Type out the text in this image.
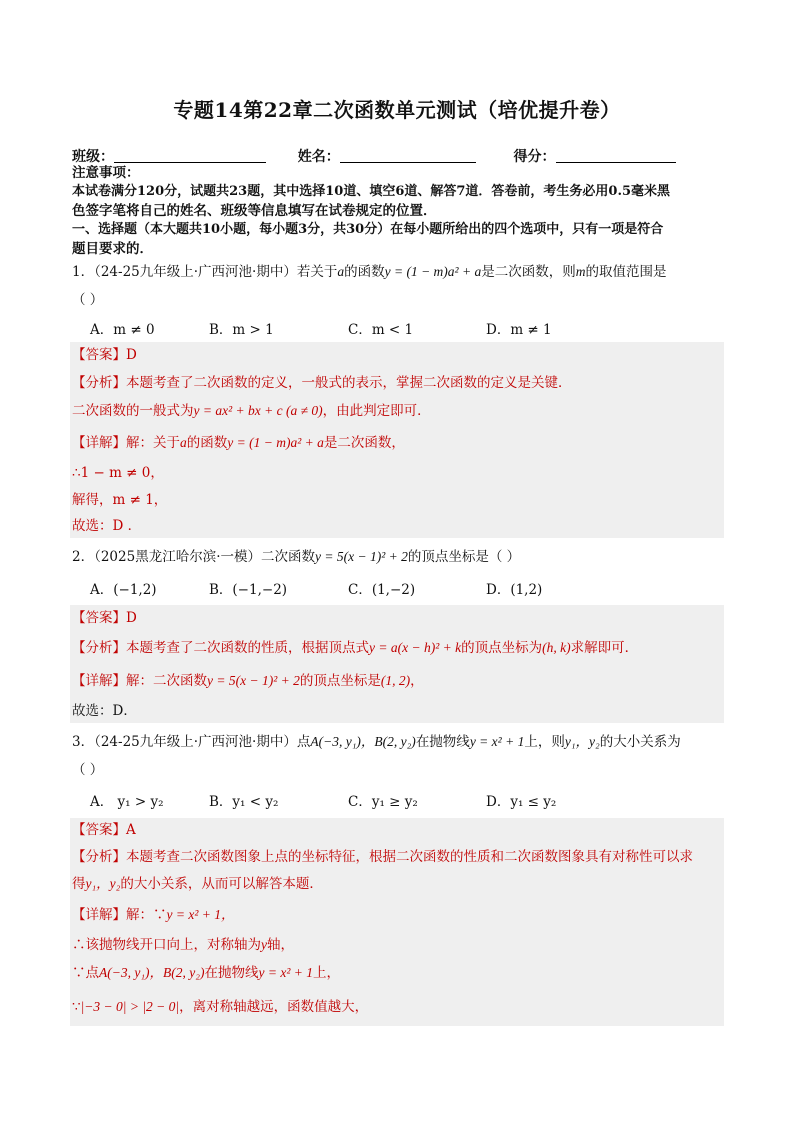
专题14第22章二次函数单元测试（培优提升卷）
班级：	姓名：	得分：
注意事项：
本试卷满分120分，试题共23题，其中选择10道、填空6道、解答7道．答卷前，考生务必用0.5毫米黑
色签字笔将自己的姓名、班级等信息填写在试卷规定的位置．
一、选择题（本大题共10小题，每小题3分，共30分）在每小题所给出的四个选项中，只有一项是符合
题目要求的．
1．（24-25九年级上·广西河池·期中）若关于a的函数y = (1 − m)a² + a是二次函数，则m的取值范围是
（ ）
A．m ≠ 0	B．m > 1	C．m < 1	D．m ≠ 1
【答案】D
【分析】本题考查了二次函数的定义，一般式的表示，掌握二次函数的定义是关键．
二次函数的一般式为y = ax² + bx + c (a ≠ 0)，由此判定即可．
【详解】解：关于a的函数y = (1 − m)a² + a是二次函数，
∴1 − m ≠ 0，
解得，m ≠ 1，
故选：D ．
2．（2025黑龙江哈尔滨·一模）二次函数y = 5(x − 1)² + 2的顶点坐标是（ ）
A．(−1,2)	B．(−1,−2)	C．(1,−2)	D．(1,2)
【答案】D
【分析】本题考查了二次函数的性质，根据顶点式y = a(x − h)² + k的顶点坐标为(h, k)求解即可．
【详解】解：二次函数y = 5(x − 1)² + 2的顶点坐标是(1, 2)，
故选：D．
3．（24-25九年级上·广西河池·期中）点A(−3, y₁)，B(2, y₂)在抛物线y = x² + 1上，则y₁，y₂的大小关系为
（ ）
A． y₁ > y₂	B．y₁ < y₂	C．y₁ ≥ y₂	D．y₁ ≤ y₂
【答案】A
【分析】本题考查二次函数图象上点的坐标特征，根据二次函数的性质和二次函数图象具有对称性可以求
得y₁，y₂的大小关系，从而可以解答本题．
【详解】解：∵y = x² + 1，
∴该抛物线开口向上，对称轴为y轴，
∵点A(−3, y₁)，B(2, y₂)在抛物线y = x² + 1上，
∵|−3 − 0| > |2 − 0|，离对称轴越远，函数值越大，
